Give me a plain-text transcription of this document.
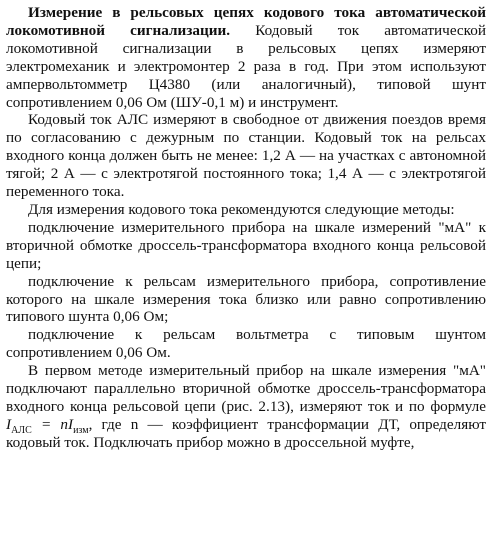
Измерение в рельсовых цепях кодового тока автоматической локомотивной сигнализации. Кодовый ток автоматической локомотивной сигнализации в рельсовых цепях измеряют электромеханик и электромонтер 2 раза в год. При этом используют ампервольтомметр Ц4380 (или аналогичный), типовой шунт сопротивлением 0,06 Ом (ШУ-0,1 м) и инструмент.

Кодовый ток АЛС измеряют в свободное от движения поездов время по согласованию с дежурным по станции. Кодовый ток на рельсах входного конца должен быть не менее: 1,2 А — на участках с автономной тягой; 2 А — с электротягой постоянного тока; 1,4 А — с электротягой переменного тока.

Для измерения кодового тока рекомендуются следующие методы:

подключение измерительного прибора на шкале измерений "мА" к вторичной обмотке дроссель-трансформатора входного конца рельсовой цепи;

подключение к рельсам измерительного прибора, сопротивление которого на шкале измерения тока близко или равно сопротивлению типового шунта 0,06 Ом;

подключение к рельсам вольтметра с типовым шунтом сопротивлением 0,06 Ом.

В первом методе измерительный прибор на шкале измерения "мА" подключают параллельно вторичной обмотке дроссель-трансформатора входного конца рельсовой цепи (рис. 2.13), измеряют ток и по формуле $I_{АЛС} = nI_{изм}$, где n — коэффициент трансформации ДТ, определяют кодовый ток. Подключать прибор можно в дроссельной муфте,
